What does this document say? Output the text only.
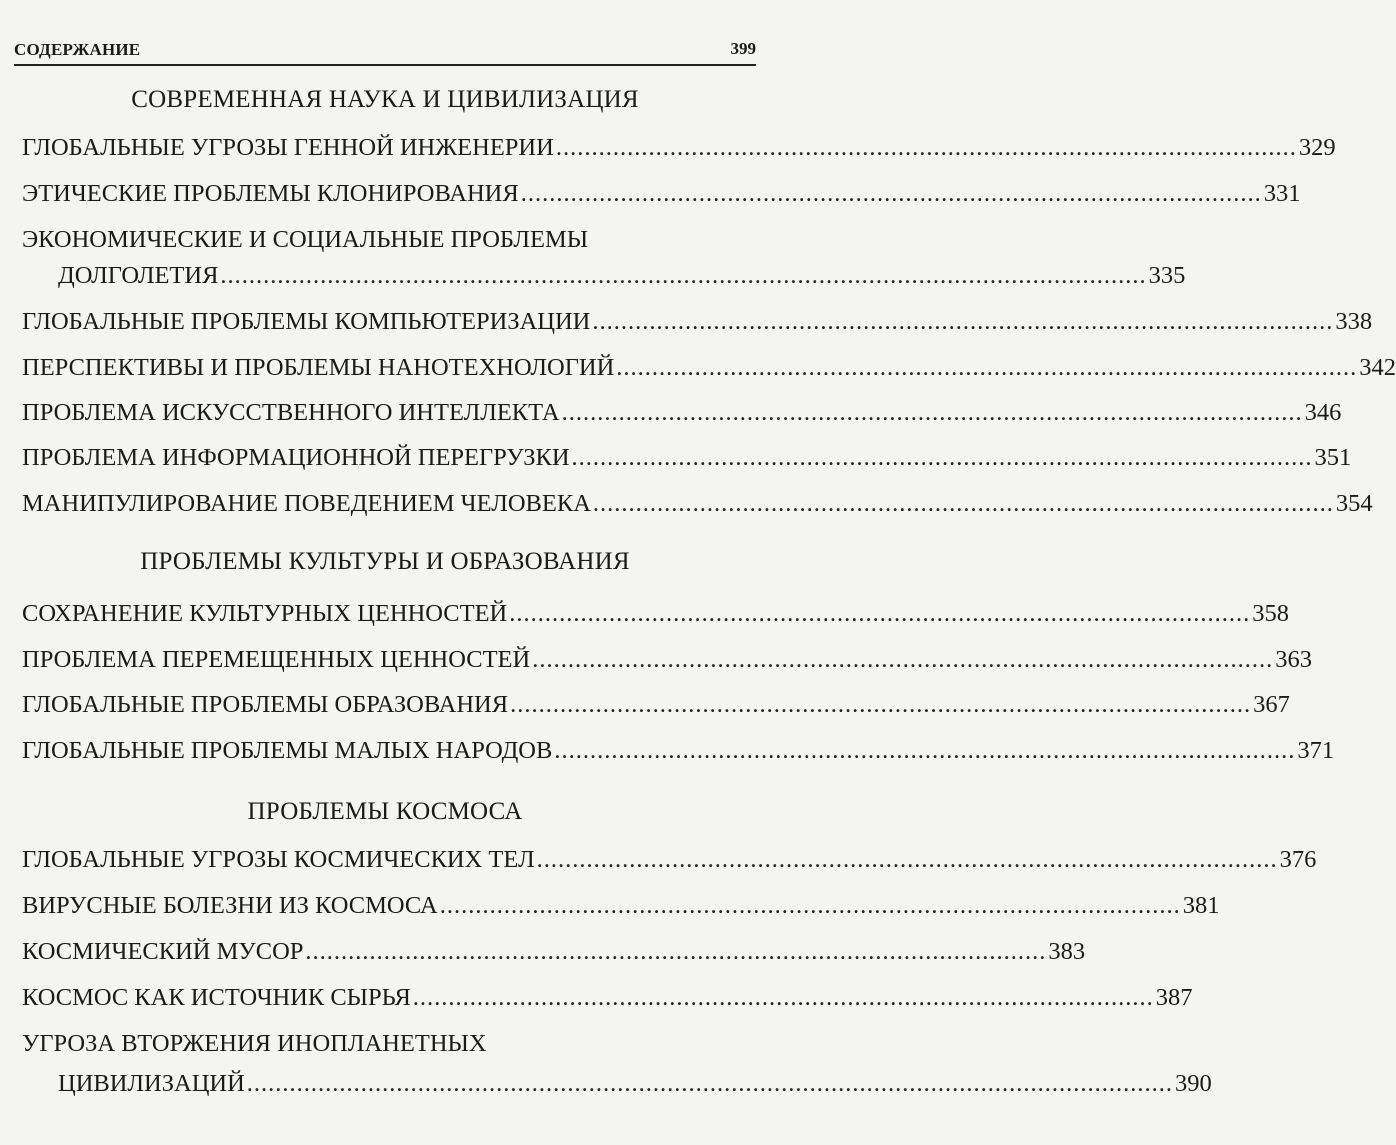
СОДЕРЖАНИЕ	399
СОВРЕМЕННАЯ НАУКА И ЦИВИЛИЗАЦИЯ
ГЛОБАЛЬНЫЕ УГРОЗЫ ГЕННОЙ ИНЖЕНЕРИИ ........................................................................................................ 329
ЭТИЧЕСКИЕ ПРОБЛЕМЫ КЛОНИРОВАНИЯ ........................................................................................................ 331
ЭКОНОМИЧЕСКИЕ И СОЦИАЛЬНЫЕ ПРОБЛЕМЫ
ДОЛГОЛЕТИЯ .................................................................................................................................. 335
ГЛОБАЛЬНЫЕ ПРОБЛЕМЫ КОМПЬЮТЕРИЗАЦИИ ........................................................................................................ 338
ПЕРСПЕКТИВЫ И ПРОБЛЕМЫ НАНОТЕХНОЛОГИЙ ........................................................................................................ 342
ПРОБЛЕМА ИСКУССТВЕННОГО ИНТЕЛЛЕКТА ........................................................................................................ 346
ПРОБЛЕМА ИНФОРМАЦИОННОЙ ПЕРЕГРУЗКИ ........................................................................................................ 351
МАНИПУЛИРОВАНИЕ ПОВЕДЕНИЕМ ЧЕЛОВЕКА ........................................................................................................ 354
ПРОБЛЕМЫ КУЛЬТУРЫ И ОБРАЗОВАНИЯ
СОХРАНЕНИЕ КУЛЬТУРНЫХ ЦЕННОСТЕЙ ........................................................................................................ 358
ПРОБЛЕМА ПЕРЕМЕЩЕННЫХ ЦЕННОСТЕЙ ........................................................................................................ 363
ГЛОБАЛЬНЫЕ ПРОБЛЕМЫ ОБРАЗОВАНИЯ ........................................................................................................ 367
ГЛОБАЛЬНЫЕ ПРОБЛЕМЫ МАЛЫХ НАРОДОВ ........................................................................................................ 371
ПРОБЛЕМЫ КОСМОСА
ГЛОБАЛЬНЫЕ УГРОЗЫ КОСМИЧЕСКИХ ТЕЛ ........................................................................................................ 376
ВИРУСНЫЕ БОЛЕЗНИ ИЗ КОСМОСА ........................................................................................................ 381
КОСМИЧЕСКИЙ МУСОР ........................................................................................................ 383
КОСМОС КАК ИСТОЧНИК СЫРЬЯ ........................................................................................................ 387
УГРОЗА ВТОРЖЕНИЯ ИНОПЛАНЕТНЫХ
ЦИВИЛИЗАЦИЙ .................................................................................................................................. 390
